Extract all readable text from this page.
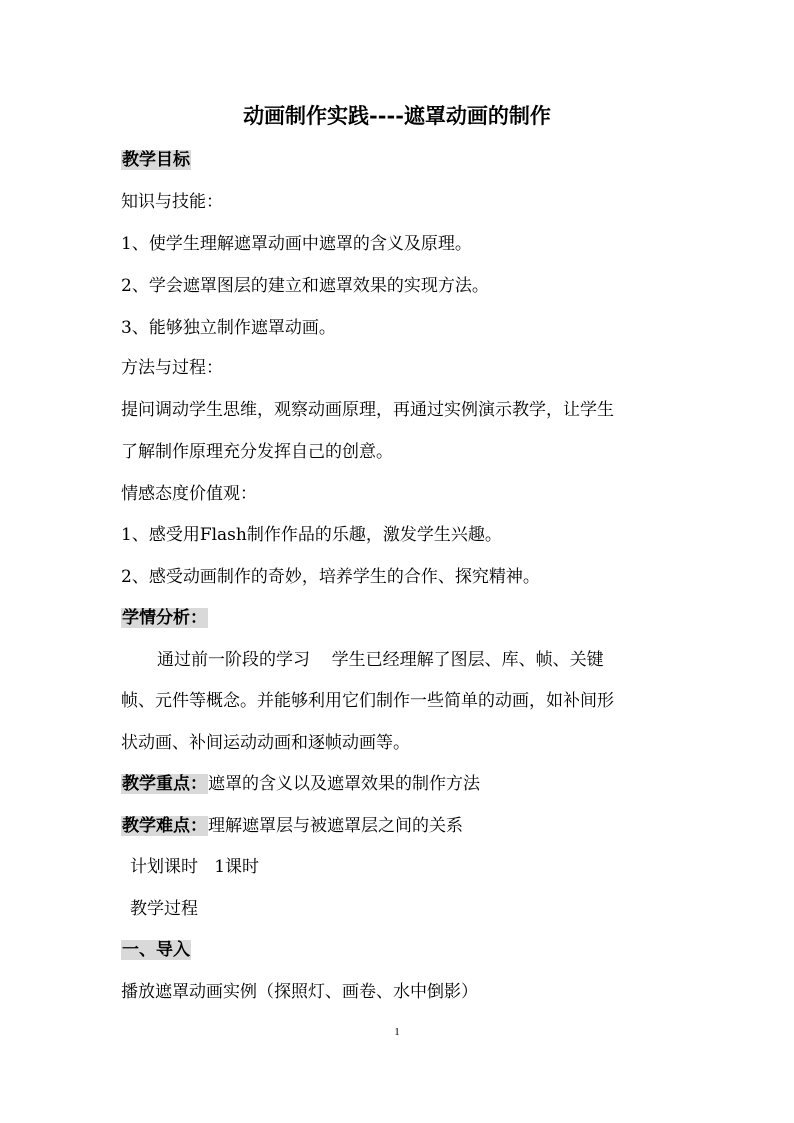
动画制作实践----遮罩动画的制作
教学目标
知识与技能：
1、使学生理解遮罩动画中遮罩的含义及原理。
2、学会遮罩图层的建立和遮罩效果的实现方法。
3、能够独立制作遮罩动画。
方法与过程：
提问调动学生思维，观察动画原理，再通过实例演示教学，让学生
了解制作原理充分发挥自己的创意。
情感态度价值观：
1、感受用Flash制作作品的乐趣，激发学生兴趣。
2、感受动画制作的奇妙，培养学生的合作、探究精神。
学情分析：
通过前一阶段的学习    学生已经理解了图层、库、帧、关键
帧、元件等概念。并能够利用它们制作一些简单的动画，如补间形
状动画、补间运动动画和逐帧动画等。
教学重点：遮罩的含义以及遮罩效果的制作方法
教学难点：理解遮罩层与被遮罩层之间的关系
计划课时   1课时
教学过程
一、导入
播放遮罩动画实例（探照灯、画卷、水中倒影）
1
